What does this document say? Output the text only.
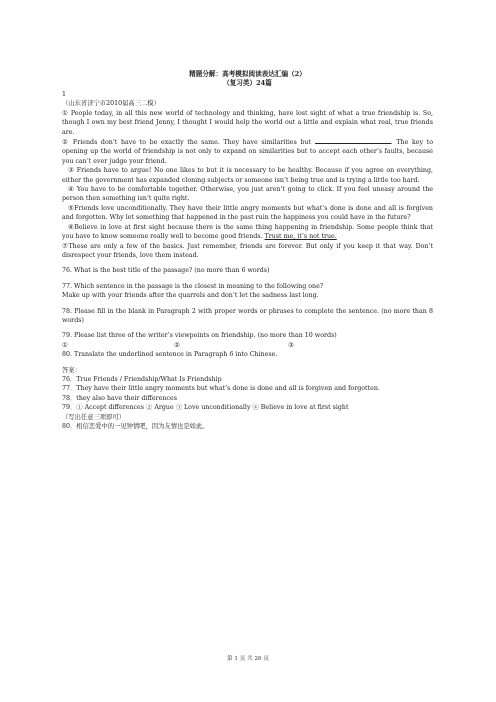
精题分解：高考模拟阅读表达汇编（2）
（复习类）24篇

1

（山东省济宁市2010届高三二模）

① People today, in all this new world of technology and thinking, have lost sight of what a true friendship is. So, though I own my best friend Jenny, I thought I would help the world out a little and explain what real, true friends are.

② Friends don’t have to be exactly the same. They have similarities but	. The key to opening up the world of friendship is not only to expand on similarities but to accept each other’s faults, because you can’t ever judge your friend.

③ Friends have to argue! No one likes to but it is necessary to be healthy. Because if you agree on everything, either the government has expanded cloning subjects or someone isn’t being true and is trying a little too hard.

④ You have to be comfortable together. Otherwise, you just aren’t going to click. If you feel uneasy around the person then something isn’t quite right.

⑤Friends love unconditionally. They have their little angry moments but what’s done is done and all is forgiven and forgotten. Why let something that happened in the past ruin the happiness you could have in the future?

⑥Believe in love at first sight because there is the same thing happening in friendship. Some people think that you have to know someone really well to become good friends. Trust me, it’s not true.

⑦These are only a few of the basics. Just remember, friends are forever. But only if you keep it that way. Don’t disrespect your friends, love them instead.

76. What is the best title of the passage? (no more than 6 words)

77. Which sentence in the passage is the closest in meaning to the following one?

Make up with your friends after the quarrels and don’t let the sadness last long.

78. Please fill in the blank in Paragraph 2 with proper words or phrases to complete the sentence. (no more than 8 words)

79. Please list three of the writer’s viewpoints on friendship. (no more than 10 words)

①	②	③

80. Translate the underlined sentence in Paragraph 6 into Chinese.

答案：

76．True Friends / Friendship/What Is Friendship

77．They have their little angry moments but what’s done is done and all is forgiven and forgotten.

78．they also have their differences

79．① Accept differences ② Argue ③ Love unconditionally ④ Believe in love at first sight

（写出任意三项即可）

80．相信恋爱中的一见钟情吧，因为友情也是如此。

第 1 页 共 26 页
